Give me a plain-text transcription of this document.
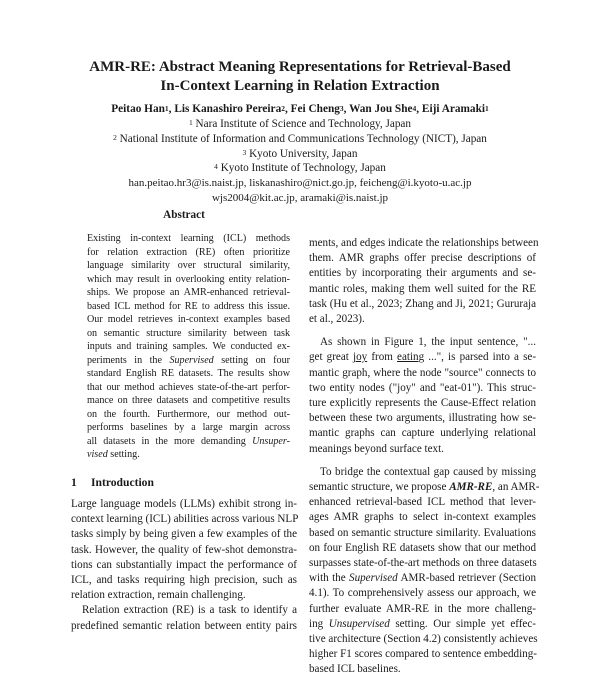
AMR-RE: Abstract Meaning Representations for Retrieval-Based
In-Context Learning in Relation Extraction
Peitao Han$^1$, Lis Kanashiro Pereira$^2$, Fei Cheng$^3$, Wan Jou She$^4$, Eiji Aramaki$^1$
$^1$ Nara Institute of Science and Technology, Japan
$^2$ National Institute of Information and Communications Technology (NICT), Japan
$^3$ Kyoto University, Japan
$^4$ Kyoto Institute of Technology, Japan
han.peitao.hr3@is.naist.jp, liskanashiro@nict.go.jp, feicheng@i.kyoto-u.ac.jp
wjs2004@kit.ac.jp, aramaki@is.naist.jp
Abstract
Existing in-context learning (ICL) methods
for relation extraction (RE) often prioritize
language similarity over structural similarity,
which may result in overlooking entity relation-
ships. We propose an AMR-enhanced retrieval-
based ICL method for RE to address this issue.
Our model retrieves in-context examples based
on semantic structure similarity between task
inputs and training samples. We conducted ex-
periments in the Supervised setting on four
standard English RE datasets. The results show
that our method achieves state-of-the-art perfor-
mance on three datasets and competitive results
on the fourth. Furthermore, our method out-
performs baselines by a large margin across
all datasets in the more demanding Unsuper-
vised setting.
1 Introduction

Large language models (LLMs) exhibit strong in-
context learning (ICL) abilities across various NLP
tasks simply by being given a few examples of the
task. However, the quality of few-shot demonstra-
tions can substantially impact the performance of
ICL, and tasks requiring high precision, such as
relation extraction, remain challenging.

Relation extraction (RE) is a task to identify a
predefined semantic relation between entity pairs

ments, and edges indicate the relationships between
them. AMR graphs offer precise descriptions of
entities by incorporating their arguments and se-
mantic roles, making them well suited for the RE
task (Hu et al., 2023; Zhang and Ji, 2021; Gururaja
et al., 2023).

As shown in Figure 1, the input sentence, "...
get great joy from eating ...", is parsed into a se-
mantic graph, where the node "source" connects to
two entity nodes ("joy" and "eat-01"). This struc-
ture explicitly represents the Cause-Effect relation
between these two arguments, illustrating how se-
mantic graphs can capture underlying relational
meanings beyond surface text.

To bridge the contextual gap caused by missing
semantic structure, we propose AMR-RE, an AMR-
enhanced retrieval-based ICL method that lever-
ages AMR graphs to select in-context examples
based on semantic structure similarity. Evaluations
on four English RE datasets show that our method
surpasses state-of-the-art methods on three datasets
with the Supervised AMR-based retriever (Section
4.1). To comprehensively assess our approach, we
further evaluate AMR-RE in the more challeng-
ing Unsupervised setting. Our simple yet effec-
tive architecture (Section 4.2) consistently achieves
higher F1 scores compared to sentence embedding-
based ICL baselines.
